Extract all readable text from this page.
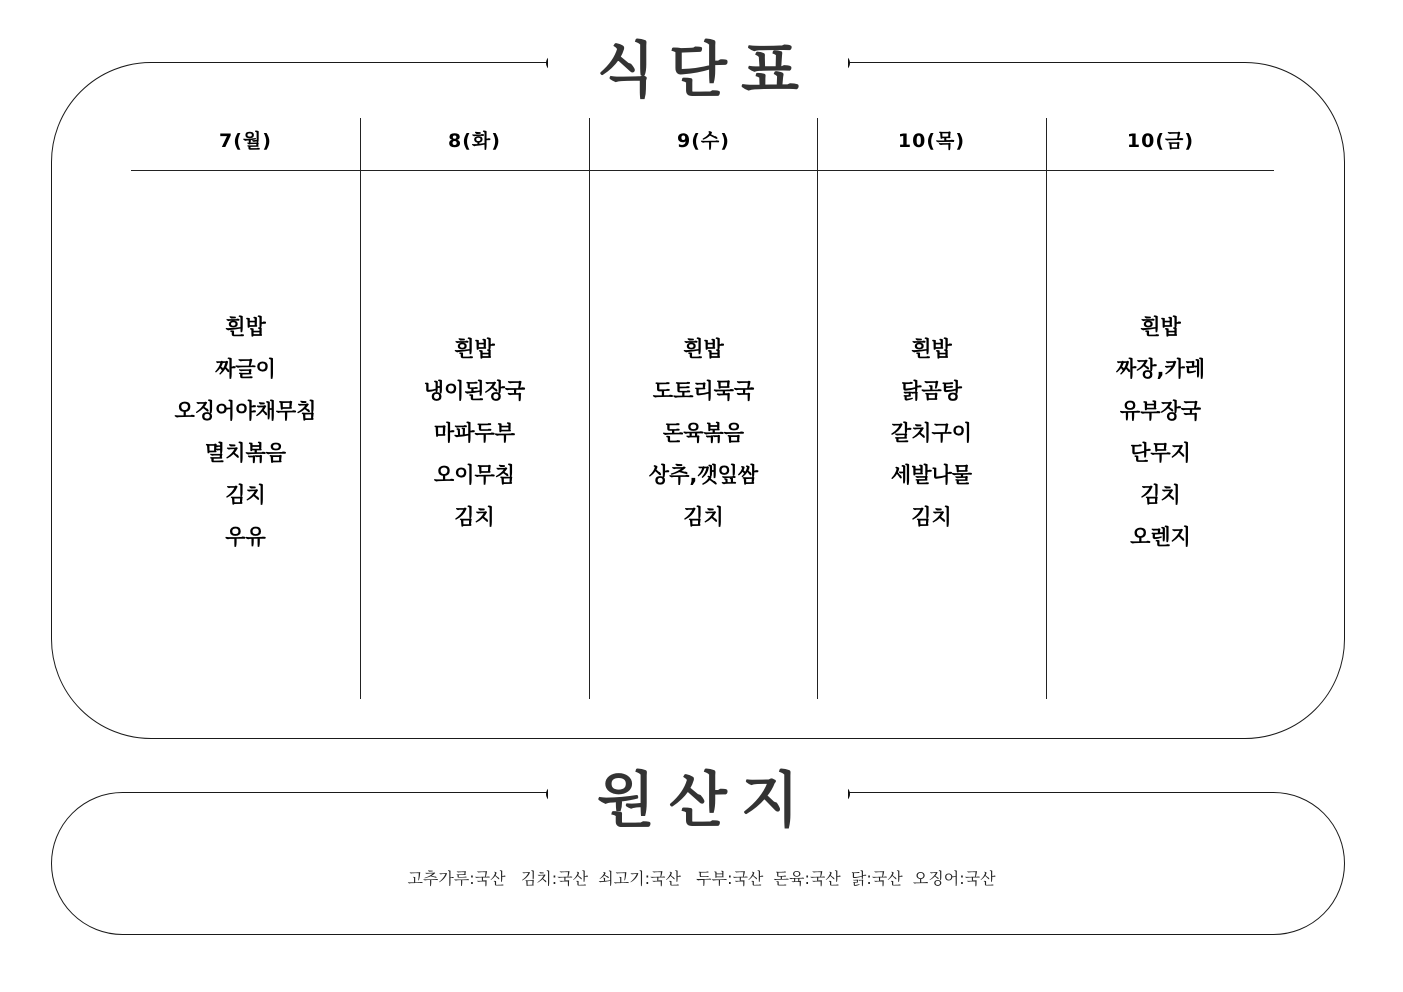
식단표
7(월)
흰밥
짜글이
오징어야채무침
멸치볶음
김치
우유
8(화)
흰밥
냉이된장국
마파두부
오이무침
김치
9(수)
흰밥
도토리묵국
돈육볶음
상추,깻잎쌈
김치
10(목)
흰밥
닭곰탕
갈치구이
세발나물
김치
10(금)
흰밥
짜장,카레
유부장국
단무지
김치
오렌지
원산지
고추가루:국산   김치:국산  쇠고기:국산   두부:국산  돈육:국산  닭:국산  오징어:국산
